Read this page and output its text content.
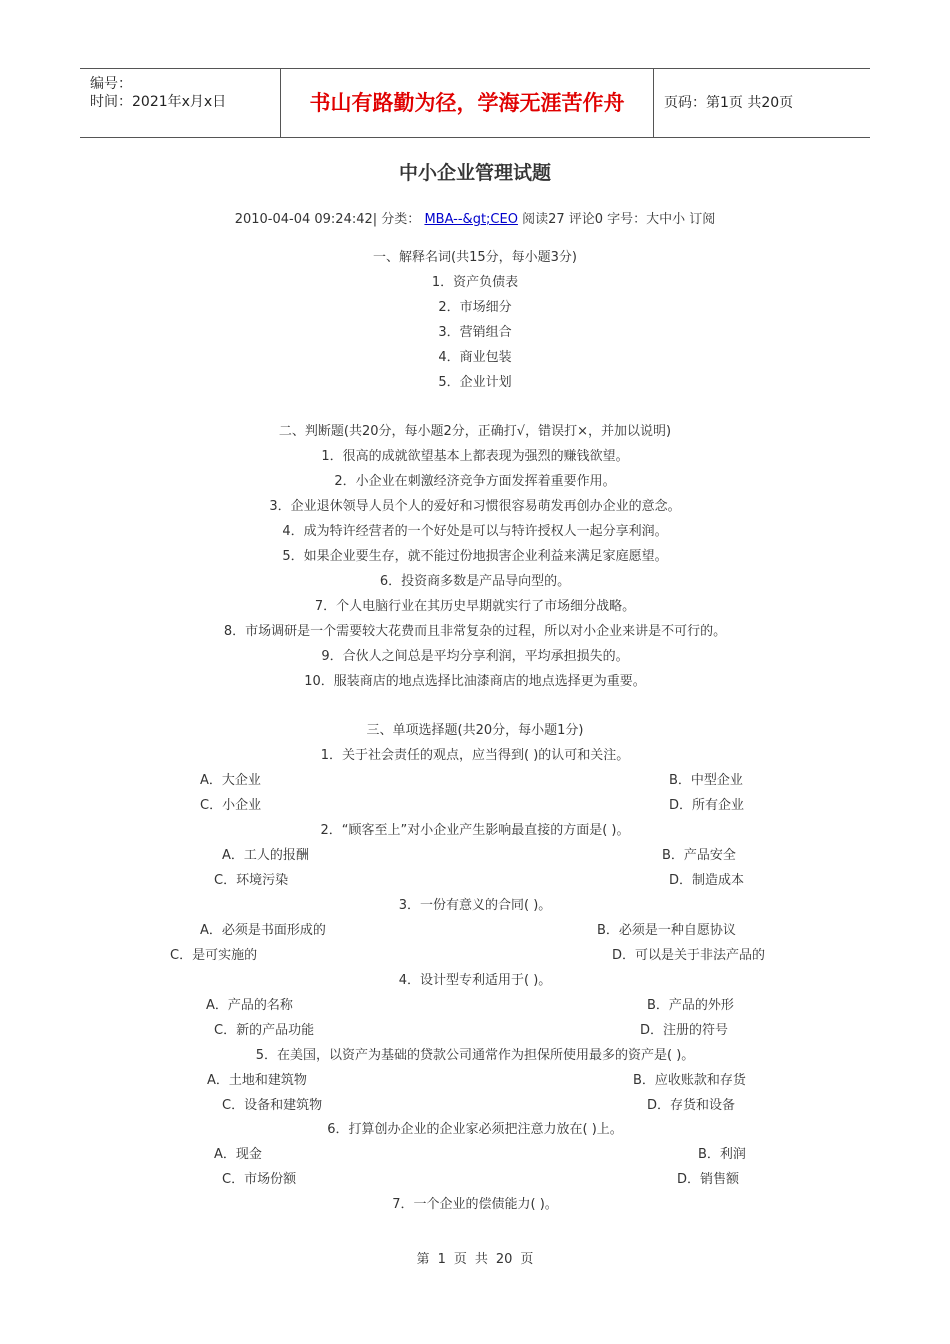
编号：
时间：2021年x月x日	书山有路勤为径，学海无涯苦作舟	页码：第1页 共20页
中小企业管理试题
2010-04-04 09:24:42| 分类： MBA--&gt;CEO 阅读27 评论0 字号：大中小 订阅
一、解释名词(共15分，每小题3分)
1．资产负债表
2．市场细分
3．营销组合
4．商业包装
5．企业计划
二、判断题(共20分，每小题2分，正确打√，错误打×，并加以说明)
1．很高的成就欲望基本上都表现为强烈的赚钱欲望。
2．小企业在刺激经济竞争方面发挥着重要作用。
3．企业退休领导人员个人的爱好和习惯很容易萌发再创办企业的意念。
4．成为特许经营者的一个好处是可以与特许授权人一起分享利润。
5．如果企业要生存，就不能过份地损害企业利益来满足家庭愿望。
6．投资商多数是产品导向型的。
7．个人电脑行业在其历史早期就实行了市场细分战略。
8．市场调研是一个需要较大花费而且非常复杂的过程，所以对小企业来讲是不可行的。
9．合伙人之间总是平均分享利润，平均承担损失的。
10．服装商店的地点选择比油漆商店的地点选择更为重要。
三、单项选择题(共20分，每小题1分)
1．关于社会责任的观点，应当得到( )的认可和关注。
A．大企业	B．中型企业
C．小企业	D．所有企业
2．“顾客至上”对小企业产生影响最直接的方面是( )。
A．工人的报酬	B．产品安全
C．环境污染	D．制造成本
3．一份有意义的合同( )。
A．必须是书面形成的	B．必须是一种自愿协议
C．是可实施的	D．可以是关于非法产品的
4．设计型专利适用于( )。
A．产品的名称	B．产品的外形
C．新的产品功能	D．注册的符号
5．在美国，以资产为基础的贷款公司通常作为担保所使用最多的资产是( )。
A．土地和建筑物	B．应收账款和存货
C．设备和建筑物	D．存货和设备
6．打算创办企业的企业家必须把注意力放在( )上。
A．现金	B．利润
C．市场份额	D．销售额
7．一个企业的偿债能力( )。
第 1 页 共 20 页
